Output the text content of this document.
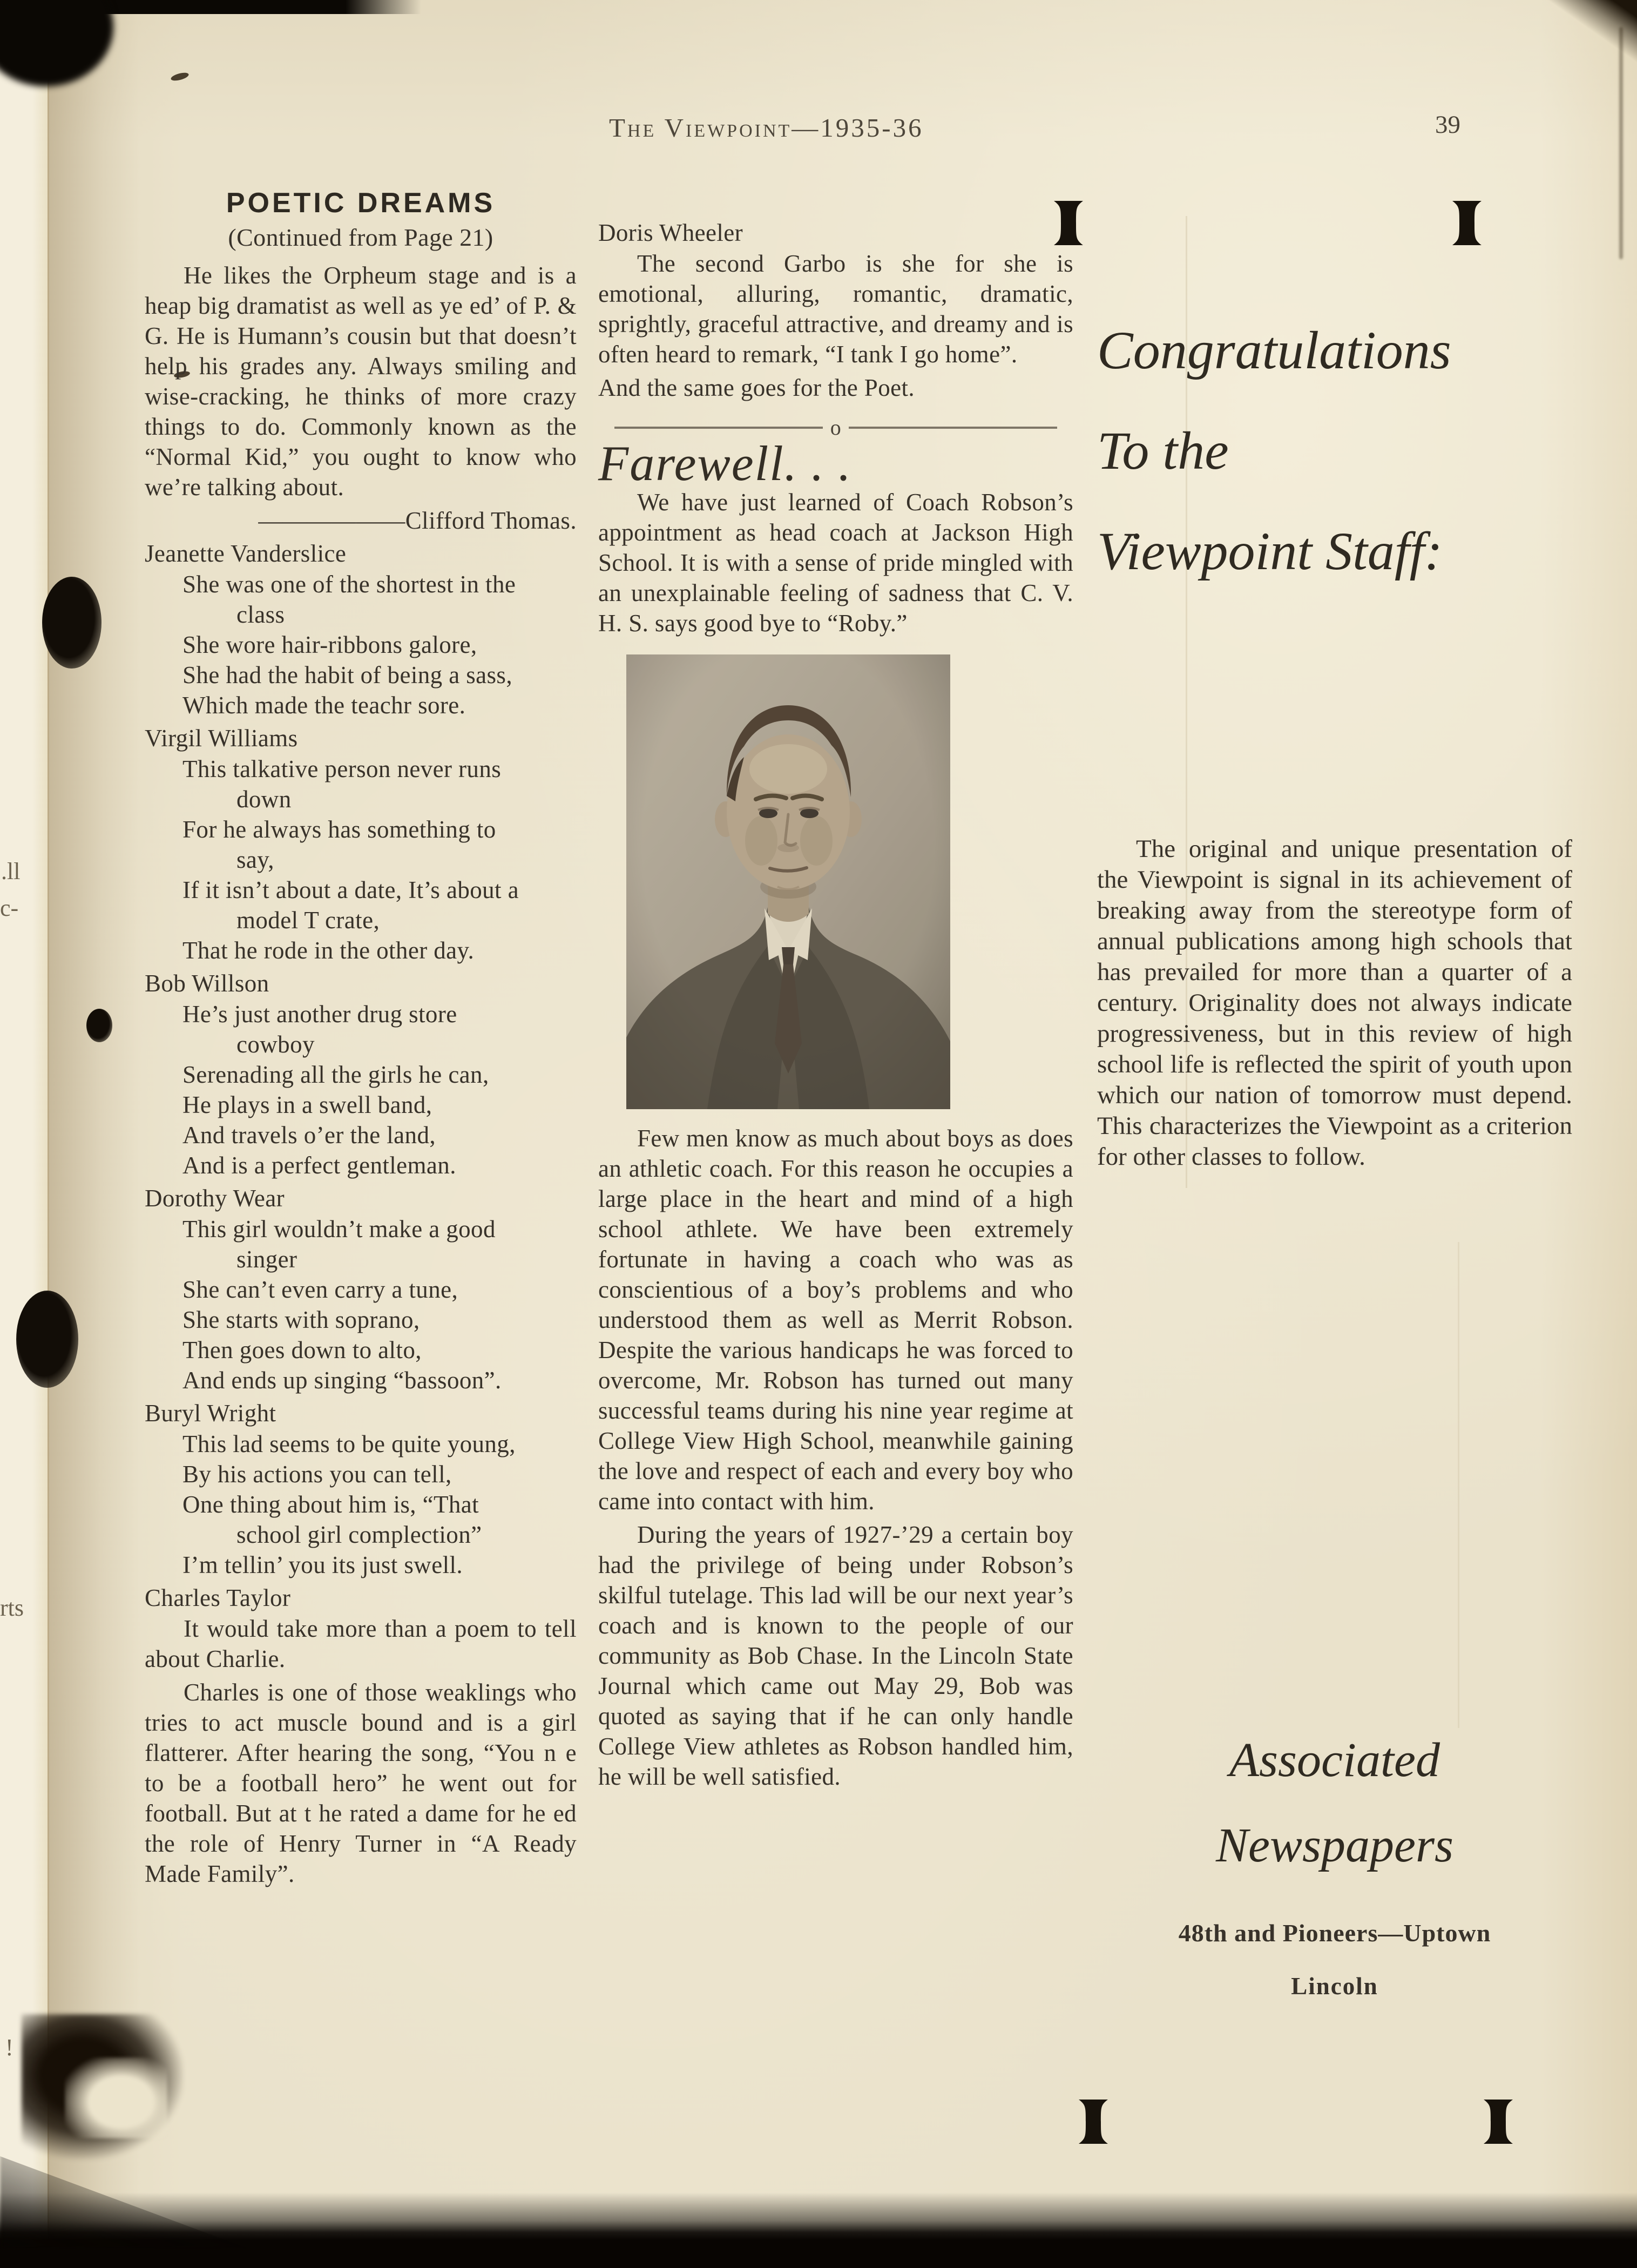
.ll
c-
rts
!
The Viewpoint—1935-36	39

POETIC DREAMS

(Continued from Page 21)

He likes the Orpheum stage and is a heap big dramatist as well as ye ed’ of P. & G. He is Humann’s cousin but that doesn’t help his grades any. Always smiling and wise-cracking, he thinks of more crazy things to do. Commonly known as the “Normal Kid,” you ought to know who we’re talking about.

——————Clifford Thomas.

Jeanette Vanderslice

She was one of the shortest in the class

She wore hair-ribbons galore,

She had the habit of being a sass,

Which made the teachr sore.

Virgil Williams

This talkative person never runs down

For he always has something to say,

If it isn’t about a date, It’s about a model T crate,

That he rode in the other day.

Bob Willson

He’s just another drug store cowboy

Serenading all the girls he can,

He plays in a swell band,

And travels o’er the land,

And is a perfect gentleman.

Dorothy Wear

This girl wouldn’t make a good singer

She can’t even carry a tune,

She starts with soprano,

Then goes down to alto,

And ends up singing “bassoon”.

Buryl Wright

This lad seems to be quite young,

By his actions you can tell,

One thing about him is, “That school girl complection”

I’m tellin’ you its just swell.

Charles Taylor

It would take more than a poem to tell about Charlie.

Charles is one of those weaklings who tries to act muscle bound and is a girl flatterer. After hearing the song, “You n e to be a football hero” he went out for football. But at t he rated a dame for he ed the role of Henry Turner in “A Ready Made Family”.

Doris Wheeler

The second Garbo is she for she is emotional, alluring, romantic, dramatic, sprightly, graceful attractive, and dreamy and is often heard to remark, “I tank I go home”.

And the same goes for the Poet.

o

Farewell. . .

We have just learned of Coach Robson’s appointment as head coach at Jackson High School. It is with a sense of pride mingled with an unexplainable feeling of sadness that C. V. H. S. says good bye to “Roby.”

Few men know as much about boys as does an athletic coach. For this reason he occupies a large place in the heart and mind of a high school athlete. We have been extremely fortunate in having a coach who was as conscientious of a boy’s problems and who understood them as well as Merrit Robson. Despite the various handicaps he was forced to overcome, Mr. Robson has turned out many successful teams during his nine year regime at College View High School, meanwhile gaining the love and respect of each and every boy who came into contact with him.

During the years of 1927-’29 a certain boy had the privilege of being under Robson’s skilful tutelage. This lad will be our next year’s coach and is known to the people of our community as Bob Chase. In the Lincoln State Journal which came out May 29, Bob was quoted as saying that if he can only handle College View athletes as Robson handled him, he will be well satisfied.

Congratulations

To the

Viewpoint Staff:

The original and unique presentation of the Viewpoint is signal in its achievement of breaking away from the stereotype form of annual publications among high schools that has prevailed for more than a quarter of a century. Originality does not always indicate progressiveness, but in this review of high school life is reflected the spirit of youth upon which our nation of tomorrow must depend. This characterizes the Viewpoint as a criterion for other classes to follow.

Associated

Newspapers

48th and Pioneers—Uptown

Lincoln
